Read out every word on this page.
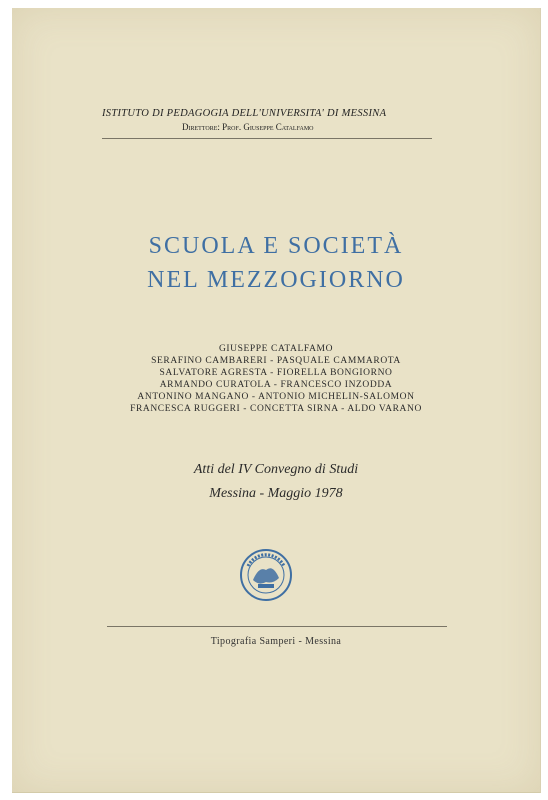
ISTITUTO DI PEDAGOGIA DELL'UNIVERSITA' DI MESSINA

Direttore: Prof. Giuseppe Catalfamo

SCUOLA E SOCIETÀ

NEL MEZZOGIORNO

GIUSEPPE CATALFAMO

SERAFINO CAMBARERI - PASQUALE CAMMAROTA

SALVATORE AGRESTA - FIORELLA BONGIORNO

ARMANDO CURATOLA - FRANCESCO INZODDA

ANTONINO MANGANO - ANTONIO MICHELIN-SALOMON

FRANCESCA RUGGERI - CONCETTA SIRNA - ALDO VARANO

Atti del IV Convegno di Studi

Messina - Maggio 1978

Tipografia Samperi - Messina
